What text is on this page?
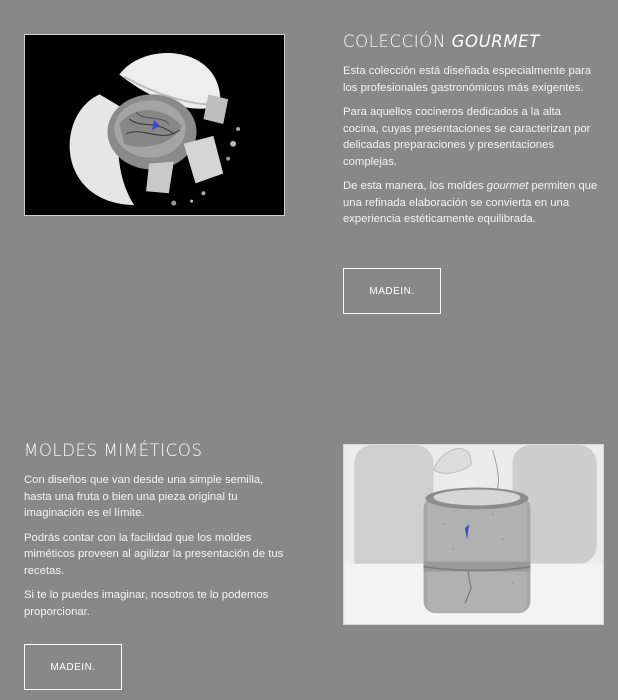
COLECCIÓN GOURMET

Esta colección está diseñada especialmente para los profesionales gastronómicos más exigentes.

Para aquellos cocineros dedicados a la alta cocina, cuyas presentaciones se caracterizan por delicadas preparaciones y presentaciones complejas.

De esta manera, los moldes gourmet permiten que una refinada elaboración se convierta en una experiencia estéticamente equilibrada.

MADEIN.
MOLDES MIMÉTICOS

Con diseños que van desde una simple semilla, hasta una fruta o bien una pieza original tu imaginación es el límite.

Podrás contar con la facilidad que los moldes miméticos proveen al agilizar la presentación de tus recetas.

Si te lo puedes imaginar, nosotros te lo podemos proporcionar.

MADEIN.
